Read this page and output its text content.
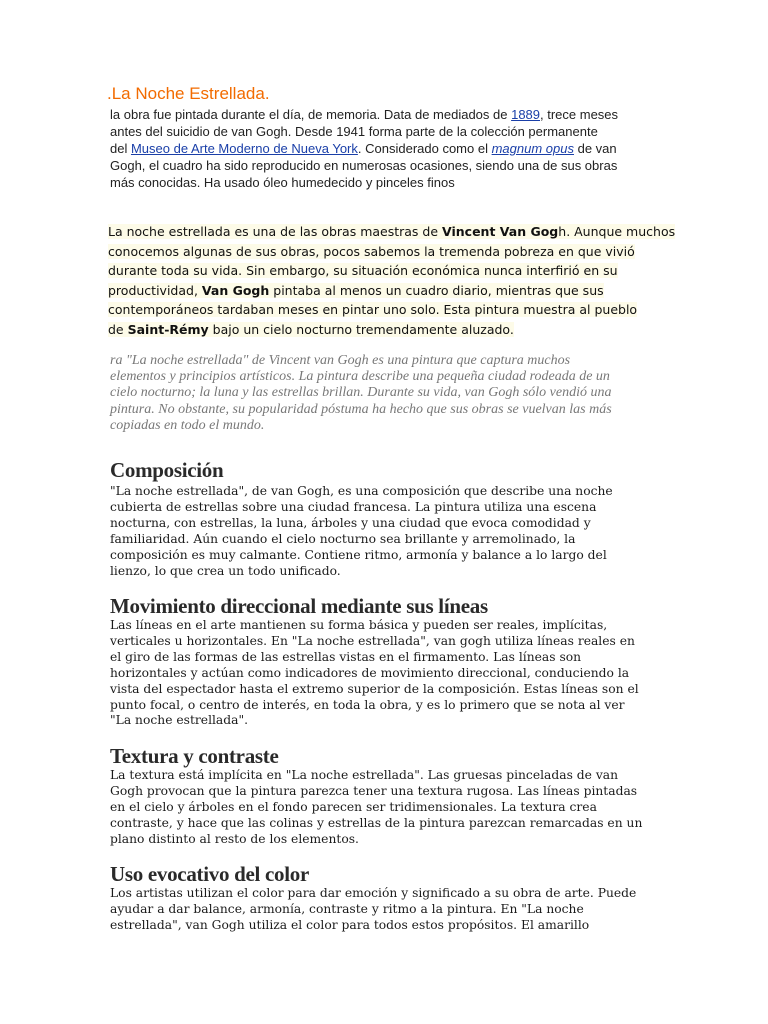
.La Noche Estrellada.
la obra fue pintada durante el día, de memoria. Data de mediados de 1889, trece meses
antes del suicidio de van Gogh. Desde 1941 forma parte de la colección permanente
del Museo de Arte Moderno de Nueva York. Considerado como el magnum opus de van
Gogh, el cuadro ha sido reproducido en numerosas ocasiones, siendo una de sus obras
más conocidas. Ha usado óleo humedecido y pinceles finos
La noche estrellada es una de las obras maestras de Vincent Van Gogh. Aunque muchos
conocemos algunas de sus obras, pocos sabemos la tremenda pobreza en que vivió
durante toda su vida. Sin embargo, su situación económica nunca interfirió en su
productividad, Van Gogh pintaba al menos un cuadro diario, mientras que sus
contemporáneos tardaban meses en pintar uno solo. Esta pintura muestra al pueblo
de Saint-Rémy bajo un cielo nocturno tremendamente aluzado.
ra "La noche estrellada" de Vincent van Gogh es una pintura que captura muchos
elementos y principios artísticos. La pintura describe una pequeña ciudad rodeada de un
cielo nocturno; la luna y las estrellas brillan. Durante su vida, van Gogh sólo vendió una
pintura. No obstante, su popularidad póstuma ha hecho que sus obras se vuelvan las más
copiadas en todo el mundo.
Composición
"La noche estrellada", de van Gogh, es una composición que describe una noche
cubierta de estrellas sobre una ciudad francesa. La pintura utiliza una escena
nocturna, con estrellas, la luna, árboles y una ciudad que evoca comodidad y
familiaridad. Aún cuando el cielo nocturno sea brillante y arremolinado, la
composición es muy calmante. Contiene ritmo, armonía y balance a lo largo del
lienzo, lo que crea un todo unificado.
Movimiento direccional mediante sus líneas
Las líneas en el arte mantienen su forma básica y pueden ser reales, implícitas,
verticales u horizontales. En "La noche estrellada", van gogh utiliza líneas reales en
el giro de las formas de las estrellas vistas en el firmamento. Las líneas son
horizontales y actúan como indicadores de movimiento direccional, conduciendo la
vista del espectador hasta el extremo superior de la composición. Estas líneas son el
punto focal, o centro de interés, en toda la obra, y es lo primero que se nota al ver
"La noche estrellada".
Textura y contraste
La textura está implícita en "La noche estrellada". Las gruesas pinceladas de van
Gogh provocan que la pintura parezca tener una textura rugosa. Las líneas pintadas
en el cielo y árboles en el fondo parecen ser tridimensionales. La textura crea
contraste, y hace que las colinas y estrellas de la pintura parezcan remarcadas en un
plano distinto al resto de los elementos.
Uso evocativo del color
Los artistas utilizan el color para dar emoción y significado a su obra de arte. Puede
ayudar a dar balance, armonía, contraste y ritmo a la pintura. En "La noche
estrellada", van Gogh utiliza el color para todos estos propósitos. El amarillo
